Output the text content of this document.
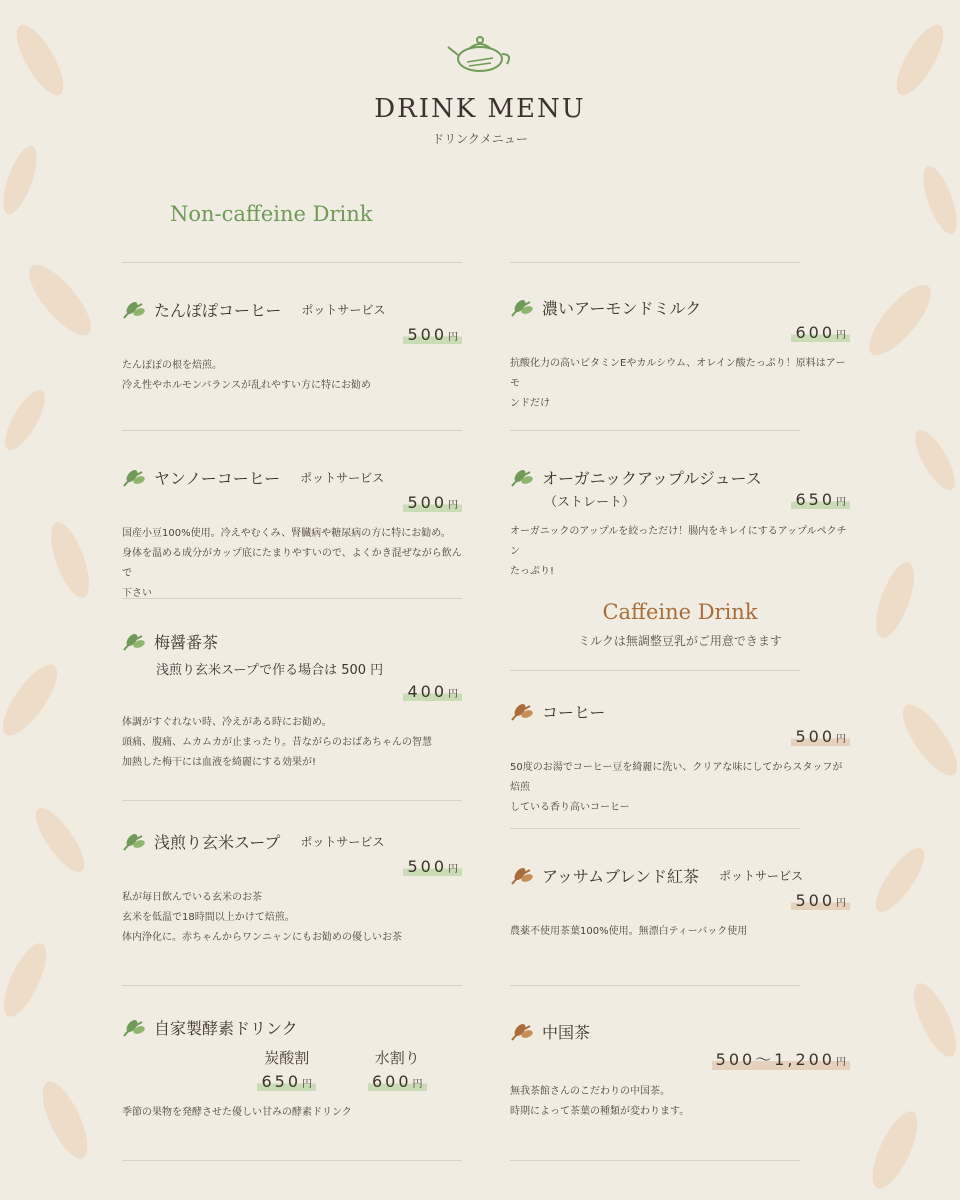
DRINK MENU
ドリンクメニュー
Non-caffeine Drink
たんぽぽコーヒー ポットサービス
500円
たんぽぽの根を焙煎。
冷え性やホルモンバランスが乱れやすい方に特にお勧め
ヤンノーコーヒー ポットサービス
500円
国産小豆100%使用。冷えやむくみ、腎臓病や糖尿病の方に特にお勧め。
身体を温める成分がカップ底にたまりやすいので、よくかき混ぜながら飲んで
下さい
梅醤番茶
浅煎り玄米スープで作る場合は 500 円
400円
体調がすぐれない時、冷えがある時にお勧め。
頭痛、腹痛、ムカムカが止まったり。昔ながらのおばあちゃんの智慧
加熱した梅干には血液を綺麗にする効果が!
浅煎り玄米スープ ポットサービス
500円
私が毎日飲んでいる玄米のお茶
玄米を低温で18時間以上かけて焙煎。
体内浄化に。赤ちゃんからワンニャンにもお勧めの優しいお茶
自家製酵素ドリンク
炭酸割
650円
水割り
600円
季節の果物を発酵させた優しい甘みの酵素ドリンク
濃いアーモンドミルク
600円
抗酸化力の高いビタミンEやカルシウム、オレイン酸たっぷり！原料はアーモ
ンドだけ
オーガニックアップルジュース
（ストレート）	650円
オーガニックのアップルを絞っただけ！腸内をキレイにするアップルペクチン
たっぷり!
Caffeine Drink
ミルクは無調整豆乳がご用意できます
コーヒー
500円
50度のお湯でコーヒー豆を綺麗に洗い、クリアな味にしてからスタッフが焙煎
している香り高いコーヒー
アッサムブレンド紅茶 ポットサービス
500円
農薬不使用茶葉100%使用。無漂白ティーバック使用
中国茶
500～1,200円
無我茶館さんのこだわりの中国茶。
時期によって茶葉の種類が変わります。
